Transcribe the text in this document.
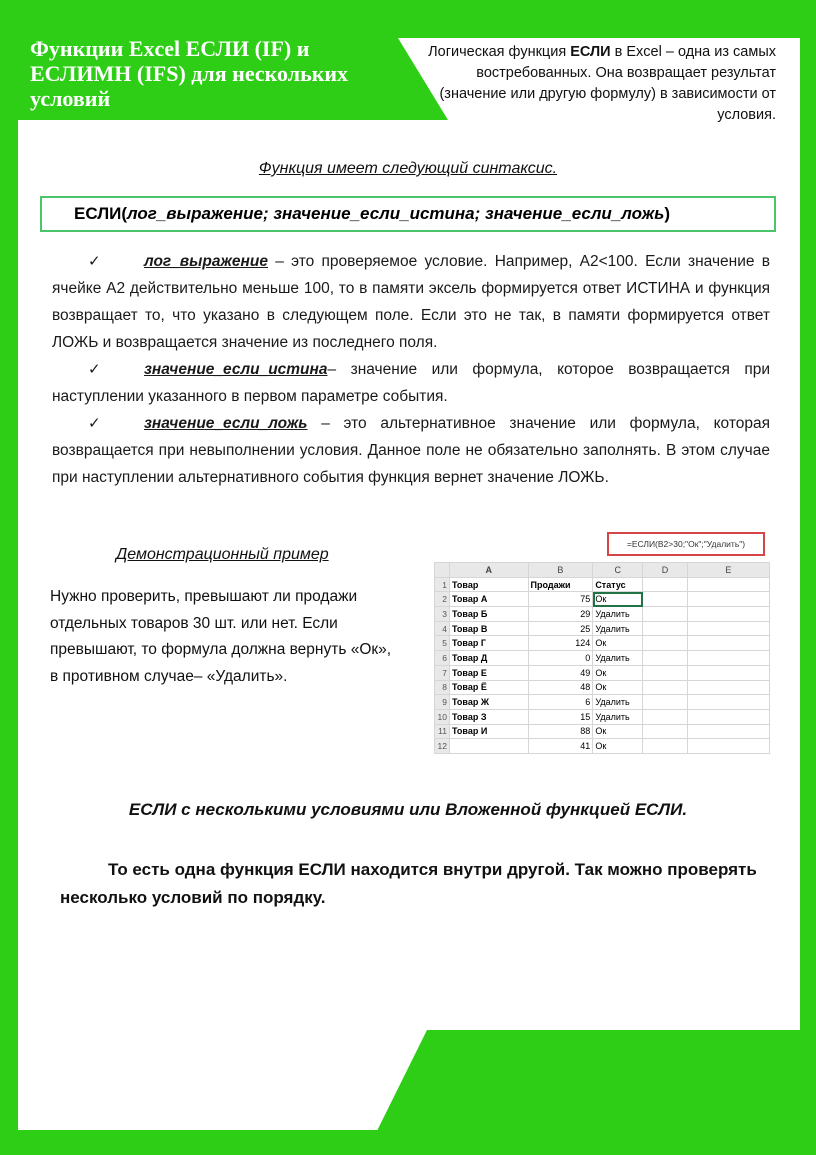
Функции Excel ЕСЛИ (IF) и ЕСЛИМН (IFS) для нескольких условий
Логическая функция ЕСЛИ в Excel – одна из самых востребованных. Она возвращает результат (значение или другую формулу) в зависимости от условия.
Функция имеет следующий синтаксис.
ЕСЛИ( лог_выражение; значение_если_истина; значение_если_ложь )

✓	лог_выражение – это проверяемое условие. Например, A2<100. Если значение в ячейке A2 действительно меньше 100, то в памяти эксель формируется ответ ИСТИНА и функция возвращает то, что указано в следующем поле. Если это не так, в памяти формируется ответ ЛОЖЬ и возвращается значение из последнего поля.

✓	значение_если_истина– значение или формула, которое возвращается при наступлении указанного в первом параметре события.

✓	значение_если_ложь – это альтернативное значение или формула, которая возвращается при невыполнении условия. Данное поле не обязательно заполнять. В этом случае при наступлении альтернативного события функция вернет значение ЛОЖЬ.

Демонстрационный пример
Нужно проверить, превышают ли продажи отдельных товаров 30 шт. или нет. Если превышают, то формула должна вернуть «Ок», в противном случае– «Удалить».
=ЕСЛИ(B2>30;"Ок";"Удалить")
	A	B	C	D	E
1	Товар	Продажи	Статус		
2	Товар А	75	Ок		
3	Товар Б	29	Удалить		
4	Товар В	25	Удалить		
5	Товар Г	124	Ок		
6	Товар Д	0	Удалить		
7	Товар Е	49	Ок		
8	Товар Ё	48	Ок		
9	Товар Ж	6	Удалить		
10	Товар З	15	Удалить		
11	Товар И	88	Ок		
12		41	Ок		
ЕСЛИ с несколькими условиями или Вложенной функцией ЕСЛИ.
То есть одна функция ЕСЛИ находится внутри другой. Так можно проверять несколько условий по порядку.
